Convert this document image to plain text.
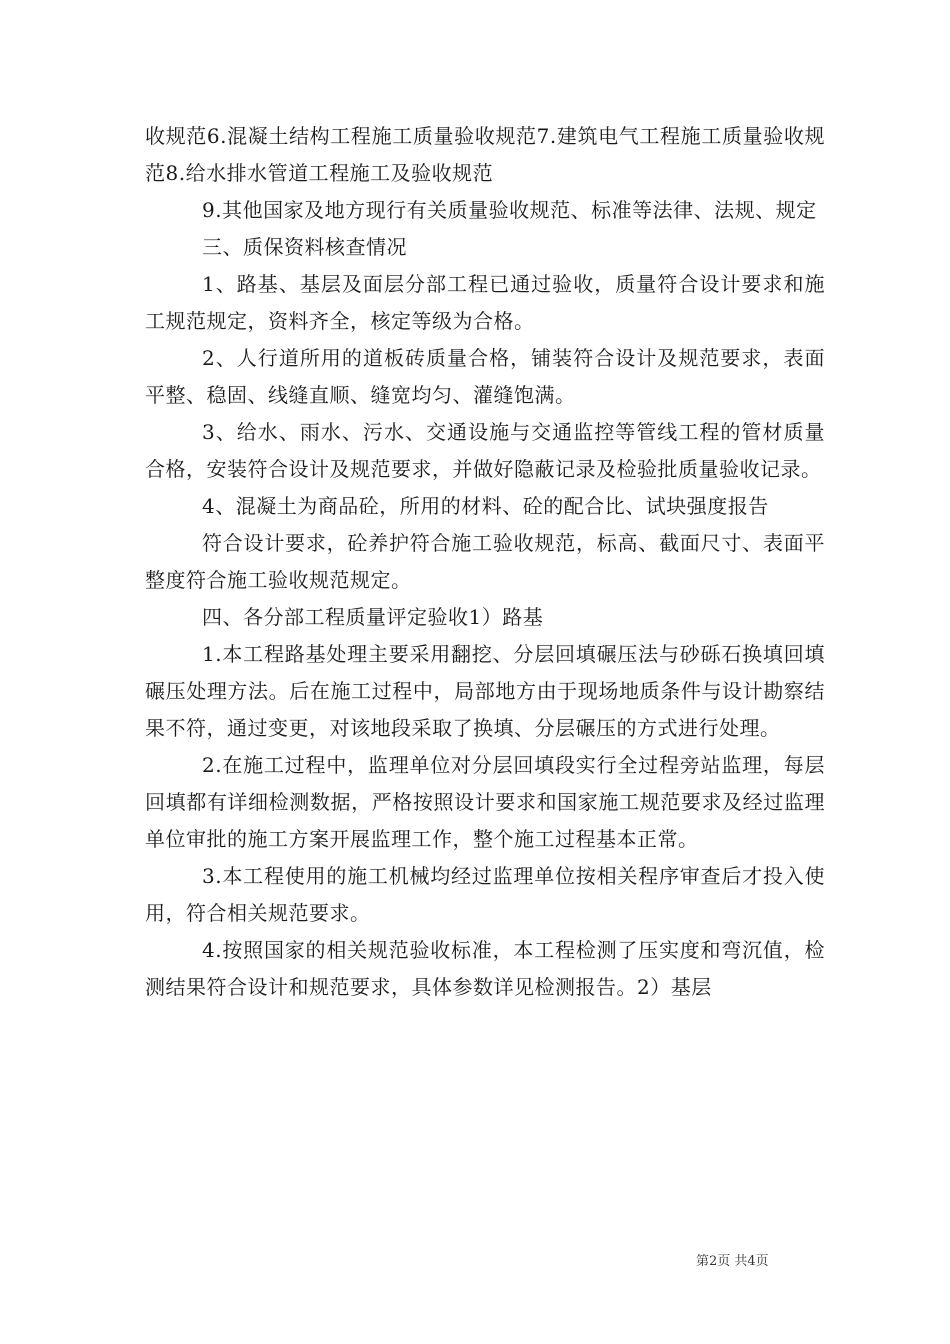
收规范6.混凝土结构工程施工质量验收规范7.建筑电气工程施工质量验收规范8.给水排水管道工程施工及验收规范

9.其他国家及地方现行有关质量验收规范、标准等法律、法规、规定

三、质保资料核查情况

1、路基、基层及面层分部工程已通过验收，质量符合设计要求和施工规范规定，资料齐全，核定等级为合格。

2、人行道所用的道板砖质量合格，铺装符合设计及规范要求，表面平整、稳固、线缝直顺、缝宽均匀、灌缝饱满。

3、给水、雨水、污水、交通设施与交通监控等管线工程的管材质量合格，安装符合设计及规范要求，并做好隐蔽记录及检验批质量验收记录。

4、混凝土为商品砼，所用的材料、砼的配合比、试块强度报告

符合设计要求，砼养护符合施工验收规范，标高、截面尺寸、表面平整度符合施工验收规范规定。

四、各分部工程质量评定验收1）路基

1.本工程路基处理主要采用翻挖、分层回填碾压法与砂砾石换填回填碾压处理方法。后在施工过程中，局部地方由于现场地质条件与设计勘察结果不符，通过变更，对该地段采取了换填、分层碾压的方式进行处理。

2.在施工过程中，监理单位对分层回填段实行全过程旁站监理，每层回填都有详细检测数据，严格按照设计要求和国家施工规范要求及经过监理单位审批的施工方案开展监理工作，整个施工过程基本正常。

3.本工程使用的施工机械均经过监理单位按相关程序审查后才投入使用，符合相关规范要求。

4.按照国家的相关规范验收标准，本工程检测了压实度和弯沉值，检测结果符合设计和规范要求，具体参数详见检测报告。2）基层

第2页 共4页
